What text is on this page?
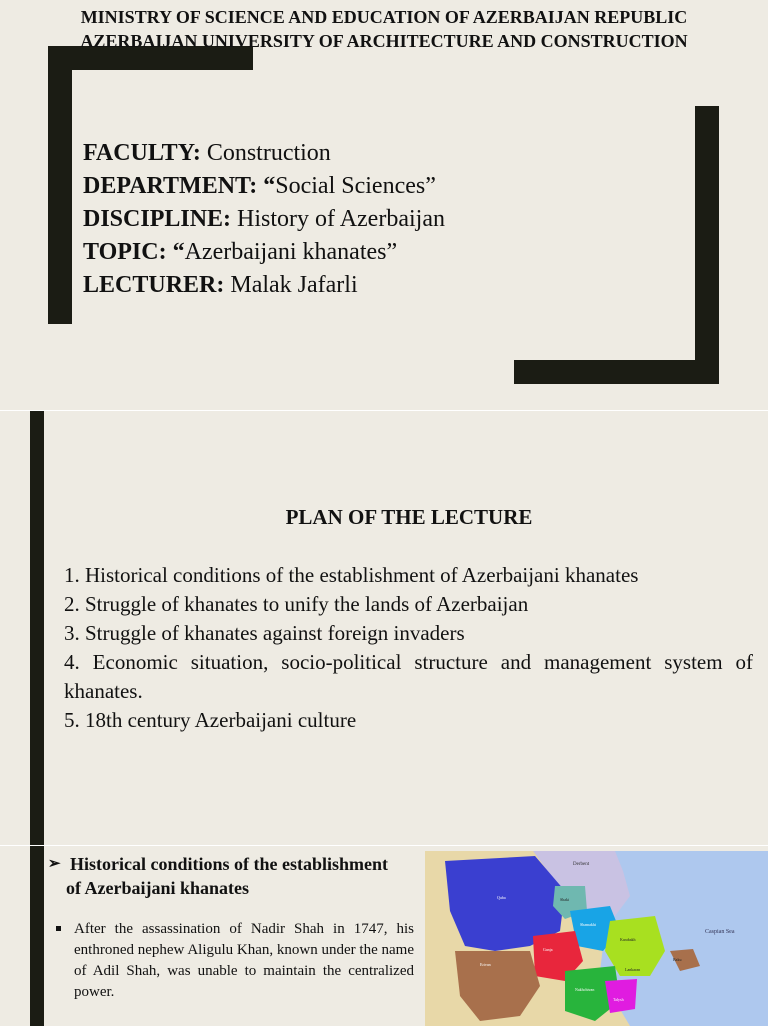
MINISTRY OF SCIENCE AND EDUCATION OF AZERBAIJAN REPUBLIC
AZERBAIJAN UNIVERSITY OF ARCHITECTURE AND CONSTRUCTION
FACULTY: Construction
DEPARTMENT: “Social Sciences”
DISCIPLINE: History of Azerbaijan
TOPIC: “Azerbaijani khanates”
LECTURER: Malak Jafarli
PLAN OF THE LECTURE
1. Historical conditions of the establishment of Azerbaijani khanates
2. Struggle of khanates to unify the lands of Azerbaijan
3. Struggle of khanates against foreign invaders
4. Economic situation, socio-political structure and management system of khanates.
5. 18th century Azerbaijani culture
➢ Historical conditions of the establishment
of Azerbaijani khanates
After the assassination of Nadir Shah in 1747, his enthroned nephew Aligulu Khan, known under the name of Adil Shah, was unable to maintain the centralized power.
Derbent
Caspian Sea
Quba
Shamakhi
Shaki
Baku
Ganja
Karabakh
Erivan
Nakhchivan
Lankaran
Talysh
